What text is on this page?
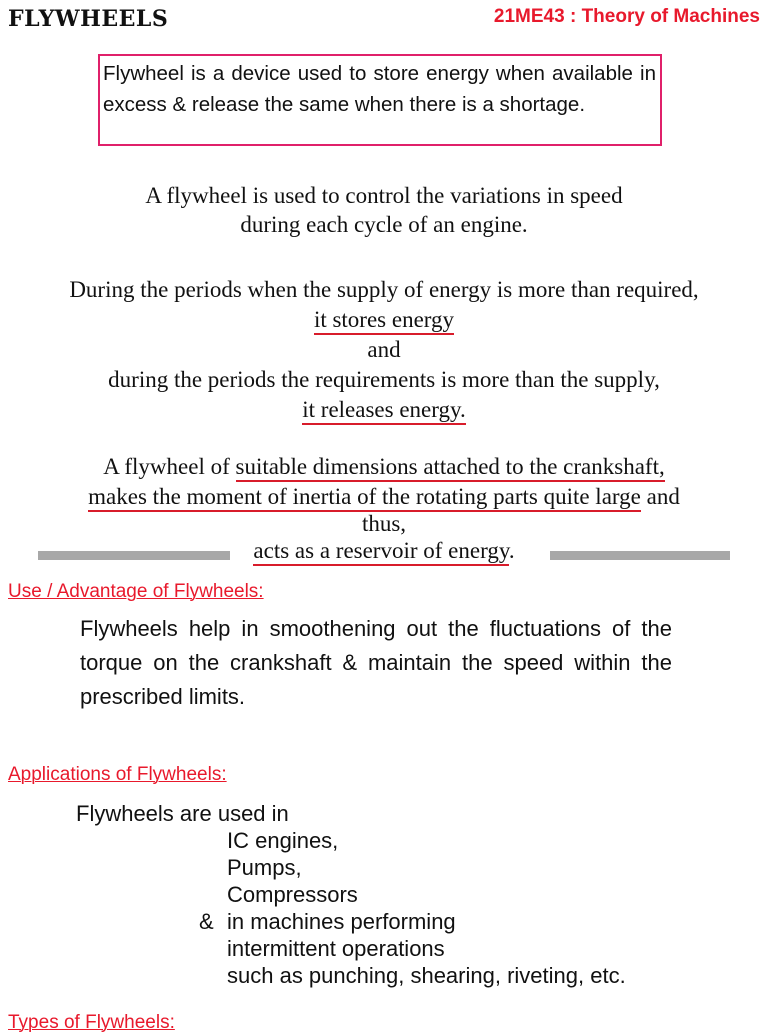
FLYWHEELS	21ME43 : Theory of Machines
Flywheel is a device used to store energy when available in excess & release the same when there is a shortage.
A flywheel is used to control the variations in speed
during each cycle of an engine.
During the periods when the supply of energy is more than required,
it stores energy
and
during the periods the requirements is more than the supply,
it releases energy.
A flywheel of suitable dimensions attached to the crankshaft,
makes the moment of inertia of the rotating parts quite large and
thus,
acts as a reservoir of energy.
Use / Advantage of Flywheels:
Flywheels help in smoothening out the fluctuations of the torque on the crankshaft & maintain the speed within the prescribed limits.
Applications of Flywheels:
Flywheels are used in
IC engines,
Pumps,
Compressors
& in machines performing
intermittent operations
such as punching, shearing, riveting, etc.
Types of Flywheels:
